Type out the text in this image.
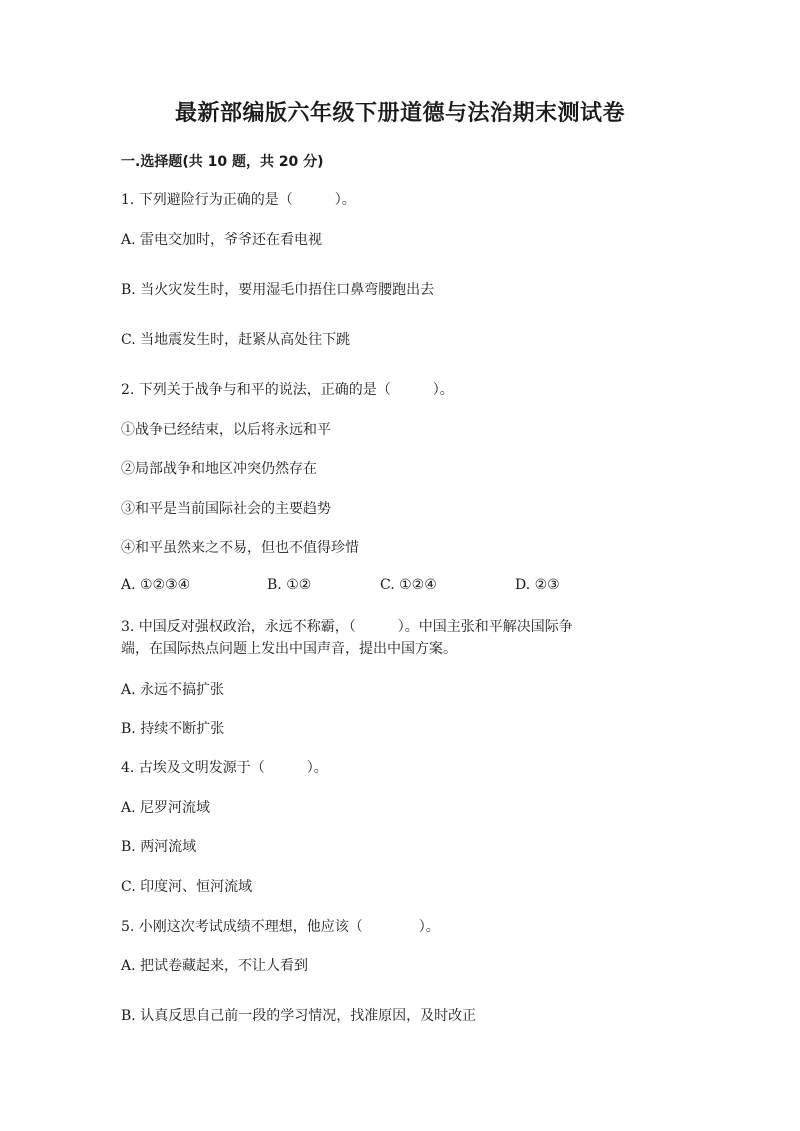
最新部编版六年级下册道德与法治期末测试卷
一.选择题(共 10 题，共 20 分)
1. 下列避险行为正确的是（　　　）。
A. 雷电交加时，爷爷还在看电视
B. 当火灾发生时，要用湿毛巾捂住口鼻弯腰跑出去
C. 当地震发生时，赶紧从高处往下跳
2. 下列关于战争与和平的说法，正确的是（　　　）。
①战争已经结束，以后将永远和平
②局部战争和地区冲突仍然存在
③和平是当前国际社会的主要趋势
④和平虽然来之不易，但也不值得珍惜
A. ①②③④	B. ①②	C. ①②④	D. ②③
3. 中国反对强权政治，永远不称霸，（　　　）。中国主张和平解决国际争
端，在国际热点问题上发出中国声音，提出中国方案。
A. 永远不搞扩张
B. 持续不断扩张
4. 古埃及文明发源于（　　　）。
A. 尼罗河流域
B. 两河流域
C. 印度河、恒河流域
5. 小刚这次考试成绩不理想，他应该（　　　　）。
A. 把试卷藏起来，不让人看到
B. 认真反思自己前一段的学习情况，找准原因，及时改正
